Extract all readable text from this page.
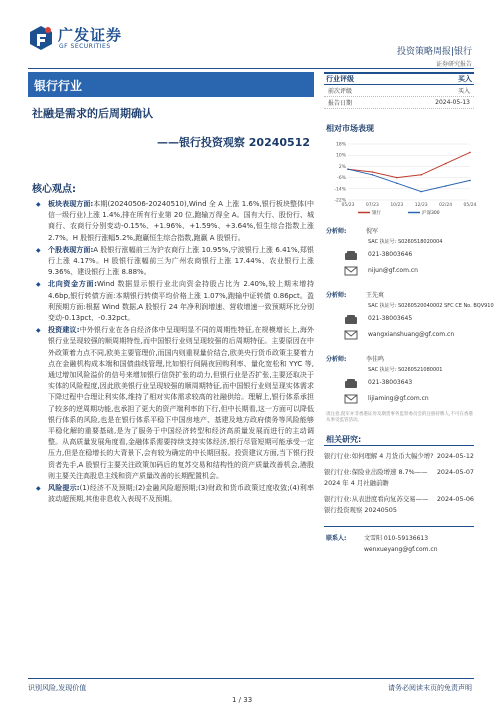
广发证券
GF SECURITIES
投资策略周报|银行
证券研究报告
银行行业
社融是需求的后周期确认
——银行投资观察 20240512
核心观点:
◆ 板块表现方面:本期(20240506-20240510),Wind 全 A 上涨 1.6%,银行板块整体(中信一级行业)上涨 1.4%,排在所有行业第 20 位,跑输万得全 A。国有大行、股份行、城商行、农商行分别变动-0.15%、+1.96%、+1.59%、+3.64%,恒生综合指数上涨 2.7%。H 股银行涨幅5.2%,跑赢恒生综合指数,跑赢 A 股银行。
◆ 个股表现方面:A 股银行涨幅前三为沪农商行上涨 10.95%,宁波银行上涨 6.41%,郑银行上涨 4.17%。H 股银行涨幅前三为广州农商银行上涨 17.44%、农业银行上涨 9.36%、建设银行上涨 8.88%。
◆ 北向资金方面:Wind 数据显示银行业北向资金持股占比为 2.40%,较上期末增持 4.6bp,银行转债方面:本期银行转债平均价格上涨 1.07%,跑输中证转债 0.86pct。盈利预期方面:根据 Wind 数据,A 股银行 24 年净利润增速、营收增速一致预期环比分别变动-0.13pct、-0.32pct。
◆ 投资建议:中外银行业在各自经济体中呈现明显不同的周期性特征,在规模增长上,海外银行业呈现较强的顺周期特性,而中国银行业则呈现较强的后周期特征。主要原因在中外政策着力点不同,欧美主要管理价,而国内则重视量价结合,欧美央行货币政策主要着力点在金融机构成本端和国债曲线管理,比如银行间隔夜回购利率、量化宽松和 YYC 等,通过增加风险溢价的信号来增加银行信贷扩张的动力,但银行业是否扩张,主要还取决于实体的风险程度,因此欧美银行业呈现较强的顺周期特征,而中国银行业则呈现实体需求下降过程中合理让利实体,维持了相对实体需求较高的社融供给。理解上,银行体系承担了较多的逆周期功能,也承担了更大的资产端利率的下行,但中长期看,这一方面可以降低银行体系的风险,也是在银行体系平稳下中国房地产、基建及地方政府债务等风险能够平稳化解的重要基础,是为了服务于中国经济转型和经济高质量发展而进行的主动调整。从高质量发展角度看,金融体系需要持续支持实体经济,银行尽管短期可能承受一定压力,但是在稳增长的大背景下,会有较为确定的中长期回报。投资建议方面,当下银行投资者先手,A 股银行主要关注政策加码后的复苏交易和结构性的资产质量改善机会,港股则主要关注高股息主线和资产质量改善的长期配置机会。
◆ 风险提示:(1)经济不及预期;(2)金融风险超预期;(3)财政和货币政策过度收敛;(4)利率波动超预期,其他非息收入表现不及预期。
行业评级	买入
前次评级	买入
报告日期	2024-05-13
相对市场表现
18%
10%
2%
-6%
-14%
-22%
05/23	07/23	10/23	12/23	02/24	05/24
银行	沪深300
分析师:	倪军
SAC 执证号: S0260518020004
021-38003646
nijun@gf.com.cn
分析师:	王先爽
SAC 执证号: S0260520040002 SFC CE No. BQV910
021-38003645
wangxianshuang@gf.com.cn
分析师:	李佳鸣
SAC 执证号: S0260521080001
021-38003643
lijiaming@gf.com.cn
请注意,倪军并非香港证券及期货事务监察委员会的注册持牌人,不可在香港从事受监管活动。
相关研究:
银行行业:如何理解 4 月货币大幅少增? 2024-05-12
银行行业:保险业出险增速 8.7%——2024 年 4 月社融前瞻
2024-05-07
银行行业:从表进度看向复苏交易——银行投资观察 20240505
2024-05-06
联系人:	文雪阳 010-59136613
wenxueyang@gf.com.cn
识别风险,发现价值
1 / 33
请务必阅读末页的免责声明
